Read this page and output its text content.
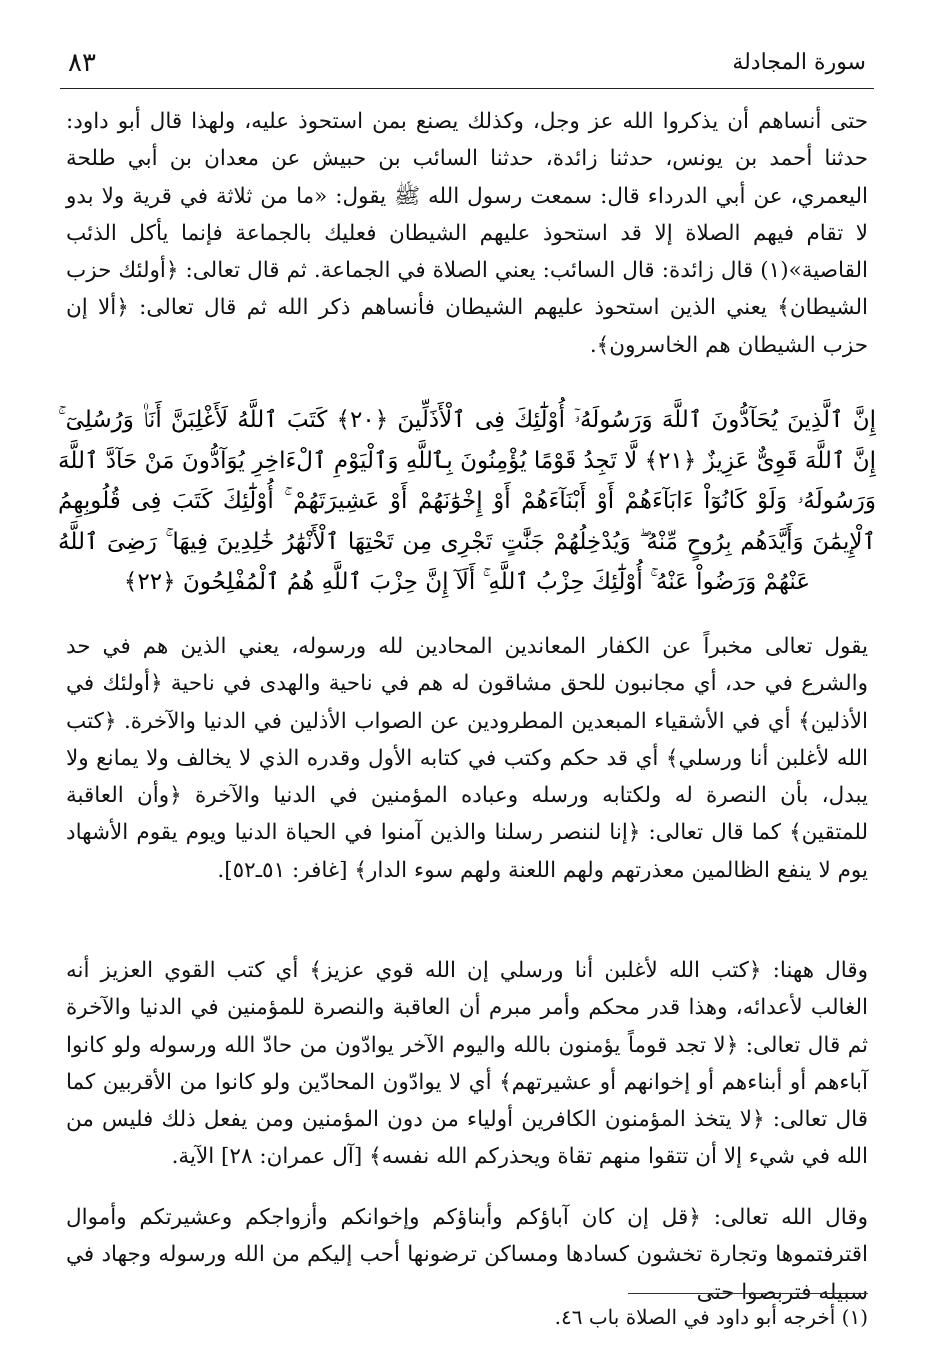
سورة المجادلة
٨٣

حتى أنساهم أن يذكروا الله عز وجل، وكذلك يصنع بمن استحوذ عليه، ولهذا قال أبو داود: حدثنا أحمد بن يونس، حدثنا زائدة، حدثنا السائب بن حبيش عن معدان بن أبي طلحة اليعمري، عن أبي الدرداء قال: سمعت رسول الله ﷺ يقول: «ما من ثلاثة في قرية ولا بدو لا تقام فيهم الصلاة إلا قد استحوذ عليهم الشيطان فعليك بالجماعة فإنما يأكل الذئب القاصية»(١) قال زائدة: قال السائب: يعني الصلاة في الجماعة. ثم قال تعالى: ﴿أولئك حزب الشيطان﴾ يعني الذين استحوذ عليهم الشيطان فأنساهم ذكر الله ثم قال تعالى: ﴿ألا إن حزب الشيطان هم الخاسرون﴾.

إِنَّ ٱلَّذِينَ يُحَآدُّونَ ٱللَّهَ وَرَسُولَهُۥٓ أُوْلَٰٓئِكَ فِى ٱلْأَذَلِّينَ ﴿٢٠﴾ كَتَبَ ٱللَّهُ لَأَغْلِبَنَّ أَنَا۠ وَرُسُلِىٓ ۚ إِنَّ ٱللَّهَ قَوِىٌّ عَزِيزٌ ﴿٢١﴾ لَّا تَجِدُ قَوْمًا يُؤْمِنُونَ بِٱللَّهِ وَٱلْيَوْمِ ٱلْءَاخِرِ يُوَآدُّونَ مَنْ حَآدَّ ٱللَّهَ وَرَسُولَهُۥ وَلَوْ كَانُوٓاْ ءَابَآءَهُمْ أَوْ أَبْنَآءَهُمْ أَوْ إِخْوَٰنَهُمْ أَوْ عَشِيرَتَهُمْ ۚ أُوْلَٰٓئِكَ كَتَبَ فِى قُلُوبِهِمُ ٱلْإِيمَٰنَ وَأَيَّدَهُم بِرُوحٍ مِّنْهُ ۖ وَيُدْخِلُهُمْ جَنَّٰتٍ تَجْرِى مِن تَحْتِهَا ٱلْأَنْهَٰرُ خَٰلِدِينَ فِيهَا ۚ رَضِىَ ٱللَّهُ عَنْهُمْ وَرَضُواْ عَنْهُ ۚ أُوْلَٰٓئِكَ حِزْبُ ٱللَّهِ ۚ أَلَآ إِنَّ حِزْبَ ٱللَّهِ هُمُ ٱلْمُفْلِحُونَ ﴿٢٢﴾

يقول تعالى مخبراً عن الكفار المعاندين المحادين لله ورسوله، يعني الذين هم في حد والشرع في حد، أي مجانبون للحق مشاقون له هم في ناحية والهدى في ناحية ﴿أولئك في الأذلين﴾ أي في الأشقياء المبعدين المطرودين عن الصواب الأذلين في الدنيا والآخرة. ﴿كتب الله لأغلبن أنا ورسلي﴾ أي قد حكم وكتب في كتابه الأول وقدره الذي لا يخالف ولا يمانع ولا يبدل، بأن النصرة له ولكتابه ورسله وعباده المؤمنين في الدنيا والآخرة ﴿وأن العاقبة للمتقين﴾ كما قال تعالى: ﴿إنا لننصر رسلنا والذين آمنوا في الحياة الدنيا ويوم يقوم الأشهاد يوم لا ينفع الظالمين معذرتهم ولهم اللعنة ولهم سوء الدار﴾ [غافر: ٥١ـ٥٢].

وقال ههنا: ﴿كتب الله لأغلبن أنا ورسلي إن الله قوي عزيز﴾ أي كتب القوي العزيز أنه الغالب لأعدائه، وهذا قدر محكم وأمر مبرم أن العاقبة والنصرة للمؤمنين في الدنيا والآخرة ثم قال تعالى: ﴿لا تجد قوماً يؤمنون بالله واليوم الآخر يوادّون من حادّ الله ورسوله ولو كانوا آباءهم أو أبناءهم أو إخوانهم أو عشيرتهم﴾ أي لا يوادّون المحادّين ولو كانوا من الأقربين كما قال تعالى: ﴿لا يتخذ المؤمنون الكافرين أولياء من دون المؤمنين ومن يفعل ذلك فليس من الله في شيء إلا أن تتقوا منهم تقاة ويحذركم الله نفسه﴾ [آل عمران: ٢٨] الآية.

وقال الله تعالى: ﴿قل إن كان آباؤكم وأبناؤكم وإخوانكم وأزواجكم وعشيرتكم وأموال اقترفتموها وتجارة تخشون كسادها ومساكن ترضونها أحب إليكم من الله ورسوله وجهاد في سبيله فتربصوا حتى

(١) أخرجه أبو داود في الصلاة باب ٤٦.
